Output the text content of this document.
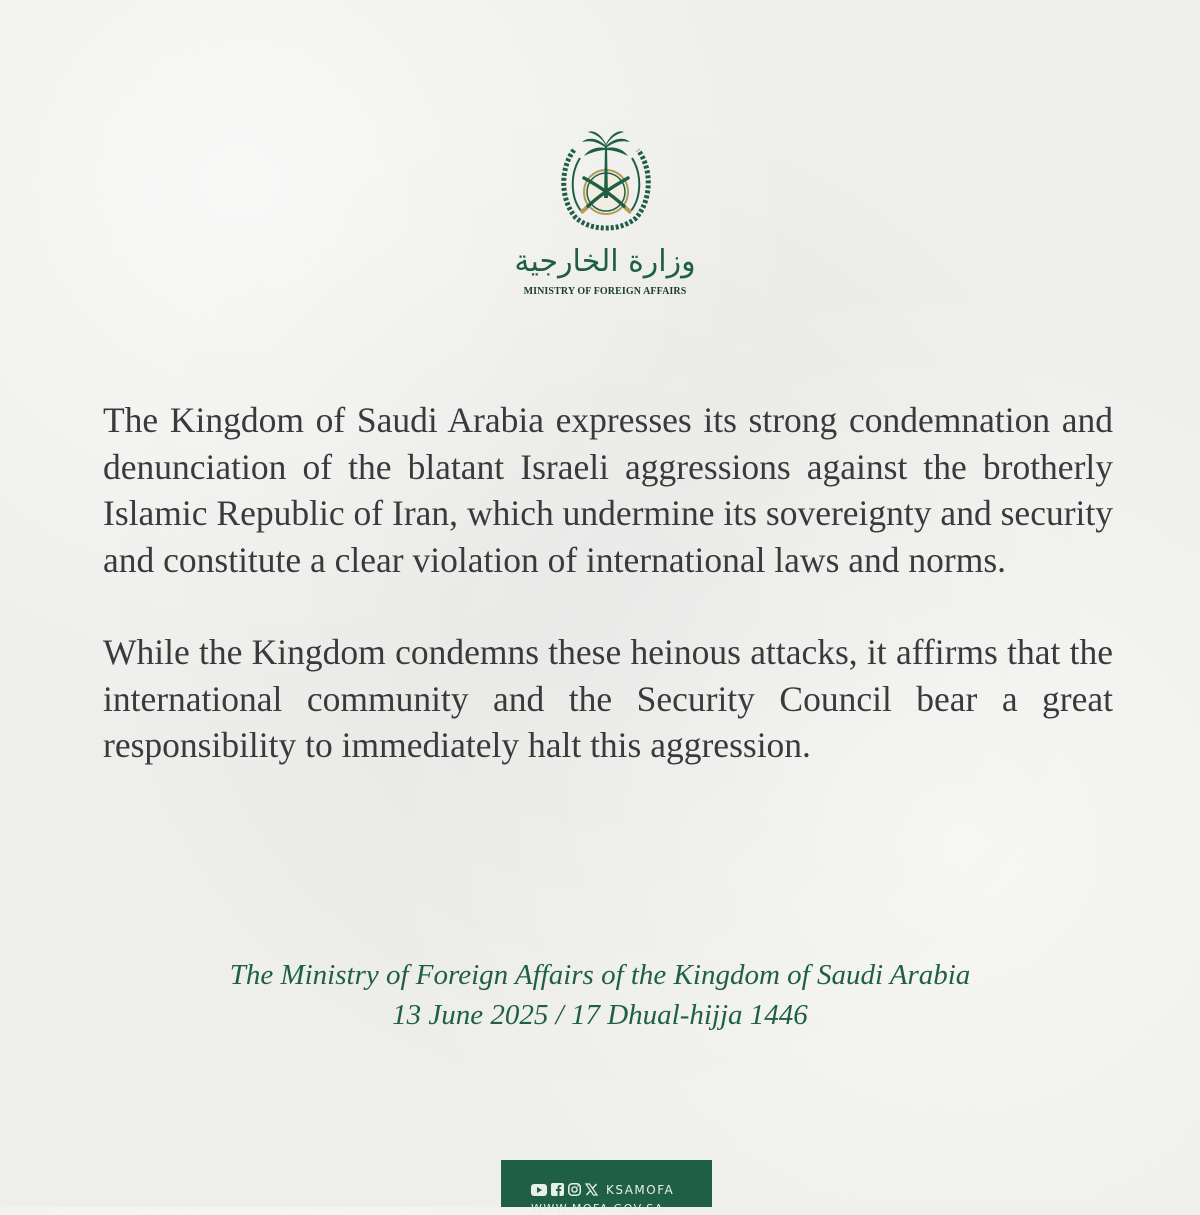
وزارة الخارجية
MINISTRY OF FOREIGN AFFAIRS

The Kingdom of Saudi Arabia expresses its strong condemnation and denunciation of the blatant Israeli aggressions against the brotherly Islamic Republic of Iran, which undermine its sovereignty and security and constitute a clear violation of international laws and norms.

While the Kingdom condemns these heinous attacks, it affirms that the international community and the Security Council bear a great responsibility to immediately halt this aggression.

The Ministry of Foreign Affairs of the Kingdom of Saudi Arabia
13 June 2025 / 17 Dhual-hijja 1446
KSAMOFA
WWW.MOFA.GOV.SA
